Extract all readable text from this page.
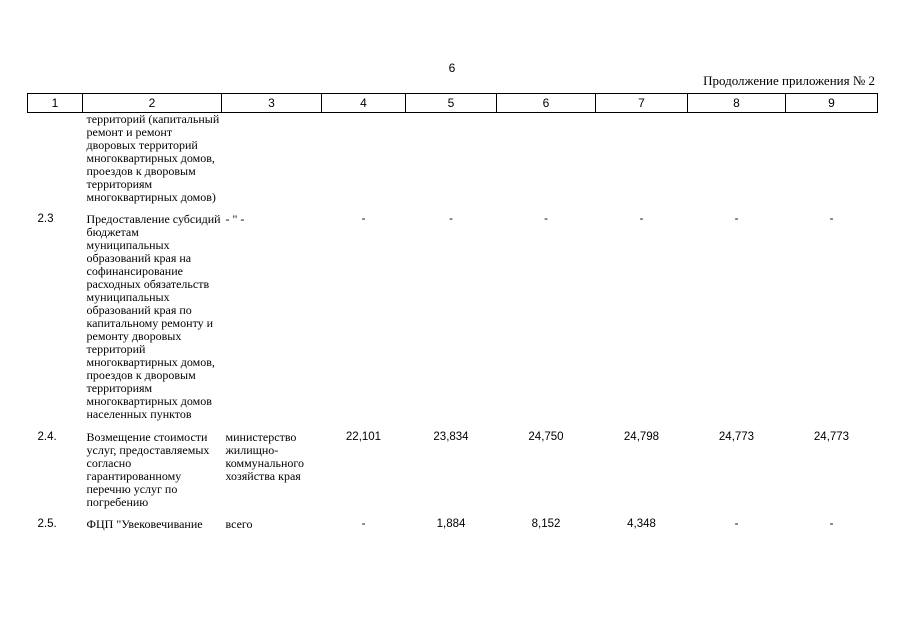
6
Продолжение приложения № 2
1	2	3	4	5	6	7	8	9
	территорий (капитальный ремонт и ремонт дворовых территорий многоквартирных домов, проездов к дворовым территориям многоквартирных домов)							
2.3	Предоставление субсидий бюджетам муниципальных образований края на софинансирование расходных обязательств муниципальных образований края по капитальному ремонту и ремонту дворовых территорий многоквартирных домов, проездов к дворовым территориям многоквартирных домов населенных пунктов	- " -	-	-	-	-	-	-
2.4.	Возмещение стоимости услуг, предоставляемых согласно гарантированному перечню услуг по погребению	министерство жилищно-коммунального хозяйства края	22,101	23,834	24,750	24,798	24,773	24,773
2.5.	ФЦП "Увековечивание	всего	-	1,884	8,152	4,348	-	-
